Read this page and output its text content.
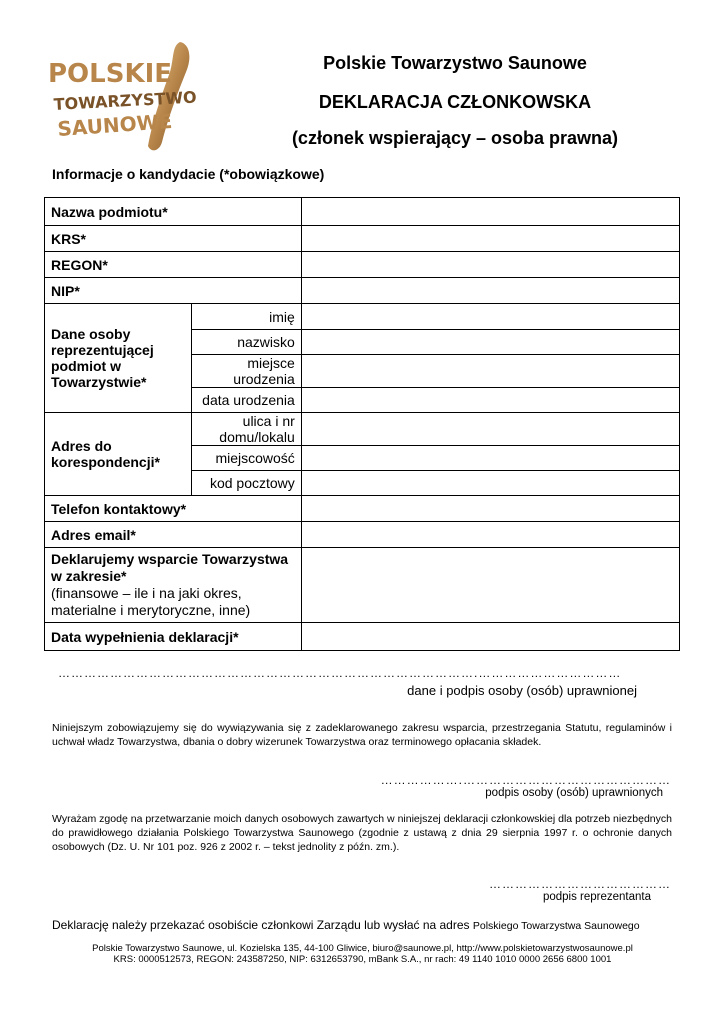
POLSKIE
TOWARZYSTWO
SAUNOWE
Polskie Towarzystwo Saunowe
DEKLARACJA CZŁONKOWSKA
(członek wspierający – osoba prawna)
Informacje o kandydacie (*obowiązkowe)
Nazwa podmiotu*		
KRS*		
REGON*		
NIP*		
Dane osoby reprezentującej podmiot w Towarzystwie*	imię	
	nazwisko	
	miejsce urodzenia	
	data urodzenia	
Adres do korespondencji*	ulica i nr domu/lokalu	
	miejscowość	
	kod pocztowy	
Telefon kontaktowy*		
Adres email*		
Deklarujemy wsparcie Towarzystwa w zakresie*
(finansowe – ile i na jaki okres, materialne i merytoryczne, inne)		
Data wypełnienia deklaracji*		
…………………………………………………………………………………….……………………………
dane i podpis osoby (osób) uprawnionej
Niniejszym zobowiązujemy się do wywiązywania się z zadeklarowanego zakresu wsparcia, przestrzegania Statutu, regulaminów i uchwał władz Towarzystwa, dbania o dobry wizerunek Towarzystwa oraz terminowego opłacania składek.
……………….…………………………………………
podpis osoby (osób) uprawnionych
Wyrażam zgodę na przetwarzanie moich danych osobowych zawartych w niniejszej deklaracji członkowskiej dla potrzeb niezbędnych do prawidłowego działania Polskiego Towarzystwa Saunowego (zgodnie z ustawą z dnia 29 sierpnia 1997 r. o ochronie danych osobowych (Dz. U. Nr 101 poz. 926 z 2002 r. – tekst jednolity z późn. zm.).
……………………………………
podpis reprezentanta
Deklarację należy przekazać osobiście członkowi Zarządu lub wysłać na adres Polskiego Towarzystwa Saunowego
Polskie Towarzystwo Saunowe, ul. Kozielska 135, 44-100 Gliwice, biuro@saunowe.pl, http://www.polskietowarzystwosaunowe.pl
KRS: 0000512573, REGON: 243587250, NIP: 6312653790, mBank S.A., nr rach: 49 1140 1010 0000 2656 6800 1001
